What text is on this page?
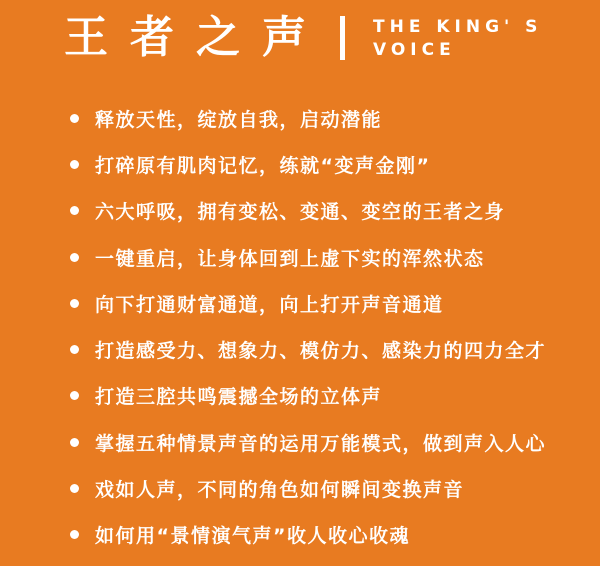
王者之声	THE KING' S
VOICE
释放天性，绽放自我，启动潜能
打碎原有肌肉记忆，练就“变声金刚”
六大呼吸，拥有变松、变通、变空的王者之身
一键重启，让身体回到上虚下实的浑然状态
向下打通财富通道，向上打开声音通道
打造感受力、想象力、模仿力、感染力的四力全才
打造三腔共鸣震撼全场的立体声
掌握五种情景声音的运用万能模式，做到声入人心
戏如人声，不同的角色如何瞬间变换声音
如何用“景情演气声”收人收心收魂
